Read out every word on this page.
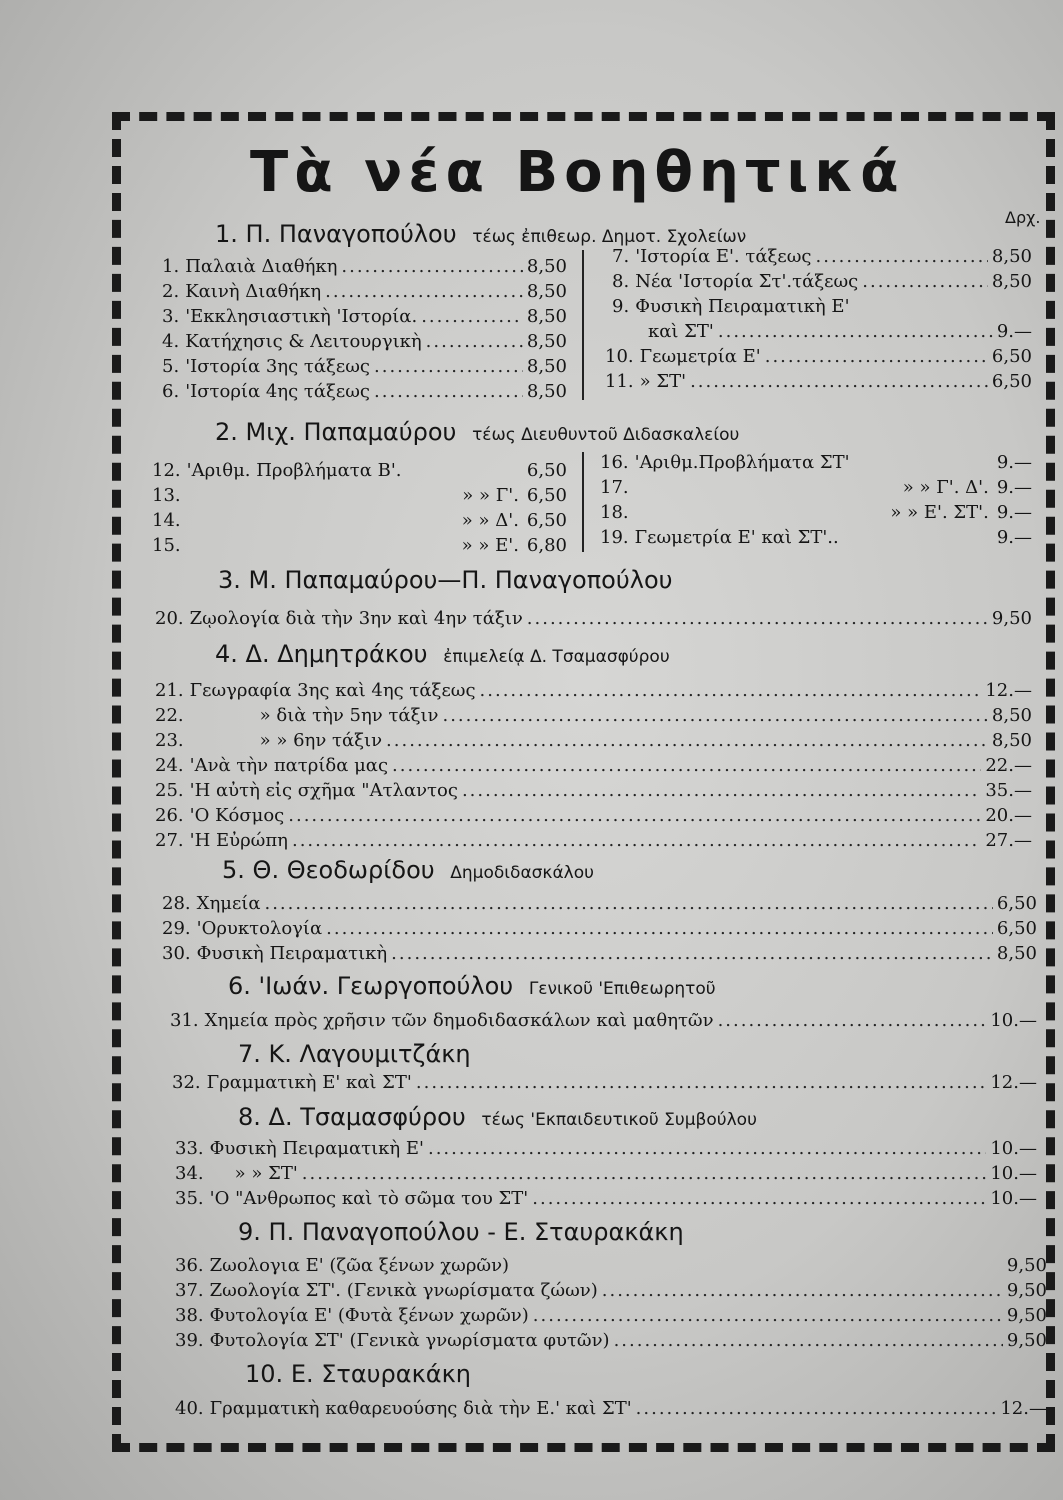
Τὰ νέα Βοηθητικά
Δρχ.
1. Π. Παναγοπούλου τέως ἐπιθεωρ. Δημοτ. Σχολείων
1. Παλαιὰ Διαθήκη .....	8,50
2. Καινὴ Διαθήκη .....	8,50
3. 'Εκκλησιαστικὴ 'Ιστορία. .....	8,50
4. Κατήχησις & Λειτουργικὴ .....	8,50
5. 'Ιστορία 3ης τάξεως .....	8,50
6. 'Ιστορία 4ης τάξεως .....	8,50
7. 'Ιστορία Ε'. τάξεως .....	8,50
8. Νέα 'Ιστορία Στ'.τάξεως .....	8,50
9. Φυσικὴ Πειραματικὴ Ε'
καὶ ΣΤ' .....	9.—
10. Γεωμετρία Ε' .....	6,50
11. » ΣΤ' .....	6,50
2. Μιχ. Παπαμαύρου τέως Διευθυντοῦ Διδασκαλείου
12. 'Αριθμ. Προβλήματα Β'.	6,50
13.	» » Γ'. 6,50
14.	» » Δ'. 6,50
15.	» » Ε'. 6,80
16. 'Αριθμ.Προβλήματα ΣΤ'	9.—
17.	» » Γ'. Δ'. 9.—
18.	» » Ε'. ΣΤ'. 9.—
19. Γεωμετρία Ε' καὶ ΣΤ'..	9.—
3. Μ. Παπαμαύρου—Π. Παναγοπούλου
20. Ζῳολογία διὰ τὴν 3ην καὶ 4ην τάξιν .....	9,50
4. Δ. Δημητράκου ἐπιμελείᾳ Δ. Τσαμασφύρου
21. Γεωγραφία 3ης καὶ 4ης τάξεως .....	12.—
22.	» διὰ τὴν 5ην τάξιν .....	8,50
23.	» » 6ην τάξιν .....	8,50
24. 'Ανὰ τὴν πατρίδα μας .....	22.—
25. 'Η αὐτὴ εἰς σχῆμα "Ατλαντος .....	35.—
26. 'Ο Κόσμος .....	20.—
27. 'Η Εὐρώπη .....	27.—
5. Θ. Θεοδωρίδου Δημοδιδασκάλου
28. Χημεία .....	6,50
29. 'Ορυκτολογία .....	6,50
30. Φυσικὴ Πειραματικὴ .....	8,50
6. 'Ιωάν. Γεωργοπούλου Γενικοῦ 'Επιθεωρητοῦ
31. Χημεία πρὸς χρῆσιν τῶν δημοδιδασκάλων καὶ μαθητῶν .....	10.—
7. Κ. Λαγουμιτζάκη
32. Γραμματικὴ Ε' καὶ ΣΤ' .....	12.—
8. Δ. Τσαμασφύρου τέως 'Εκπαιδευτικοῦ Συμβούλου
33. Φυσικὴ Πειραματικὴ Ε' .....	10.—
34. » » ΣΤ' .....	10.—
35. 'Ο "Ανθρωπος καὶ τὸ σῶμα του ΣΤ' .....	10.—
9. Π. Παναγοπούλου - Ε. Σταυρακάκη
36. Ζωολογια Ε' (ζῶα ξένων χωρῶν)	9,50
37. Ζωολογία ΣΤ'. (Γενικὰ γνωρίσματα ζώων) .....	9,50
38. Φυτολογία Ε' (Φυτὰ ξένων χωρῶν) .....	9,50
39. Φυτολογία ΣΤ' (Γενικὰ γνωρίσματα φυτῶν) .....	9,50
10. Ε. Σταυρακάκη
40. Γραμματικὴ καθαρευούσης διὰ τὴν Ε.' καὶ ΣΤ' .....	12.—
